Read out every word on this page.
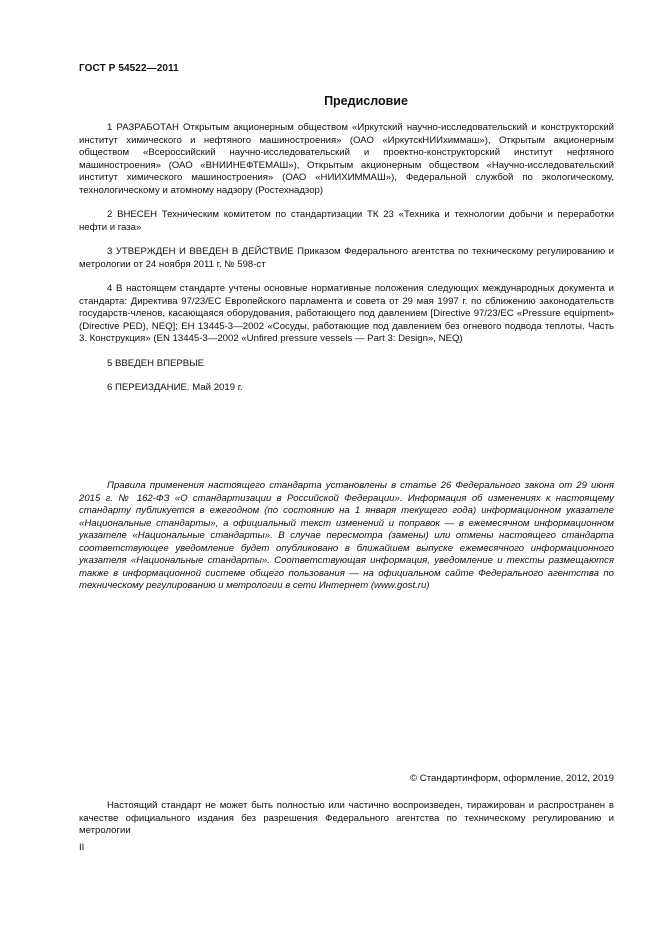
ГОСТ Р 54522—2011
Предисловие

1 РАЗРАБОТАН Открытым акционерным обществом «Иркутский научно-исследовательский и конструкторский институт химического и нефтяного машиностроения» (ОАО «ИркутскНИИхиммаш»), Открытым акционерным обществом «Всероссийский научно-исследовательский и проектно-конструкторский институт нефтяного машиностроения» (ОАО «ВНИИНЕФТЕМАШ»), Открытым акционерным обществом «Научно-исследовательский институт химического машиностроения» (ОАО «НИИХИММАШ»), Федеральной службой по экологическому, технологическому и атомному надзору (Ростехнадзор)

2 ВНЕСЕН Техническим комитетом по стандартизации ТК 23 «Техника и технологии добычи и переработки нефти и газа»

3 УТВЕРЖДЕН И ВВЕДЕН В ДЕЙСТВИЕ Приказом Федерального агентства по техническому регулированию и метрологии от 24 ноября 2011 г. № 598-ст

4 В настоящем стандарте учтены основные нормативные положения следующих международных документа и стандарта: Директива 97/23/ЕС Европейского парламента и совета от 29 мая 1997 г. по сближению законодательств государств-членов, касающаяся оборудования, работающего под давлением [Directive 97/23/EC «Pressure equipment» (Directive PED), NEQ]; ЕН 13445-3—2002 «Сосуды, работающие под давлением без огневого подвода теплоты. Часть 3. Конструкция» (EN 13445-3—2002 «Unfired pressure vessels — Part 3: Design», NEQ)

5 ВВЕДЕН ВПЕРВЫЕ

6 ПЕРЕИЗДАНИЕ. Май 2019 г.

Правила применения настоящего стандарта установлены в статье 26 Федерального закона от 29 июня 2015 г. № 162-ФЗ «О стандартизации в Российской Федерации». Информация об изменениях к настоящему стандарту публикуется в ежегодном (по состоянию на 1 января текущего года) информационном указателе «Национальные стандарты», а официальный текст изменений и поправок — в ежемесячном информационном указателе «Национальные стандарты». В случае пересмотра (замены) или отмены настоящего стандарта соответствующее уведомление будет опубликовано в ближайшем выпуске ежемесячного информационного указателя «Национальные стандарты». Соответствующая информация, уведомление и тексты размещаются также в информационной системе общего пользования — на официальном сайте Федерального агентства по техническому регулированию и метрологии в сети Интернет (www.gost.ru)

© Стандартинформ, оформление, 2012, 2019

Настоящий стандарт не может быть полностью или частично воспроизведен, тиражирован и распространен в качестве официального издания без разрешения Федерального агентства по техническому регулированию и метрологии

II
